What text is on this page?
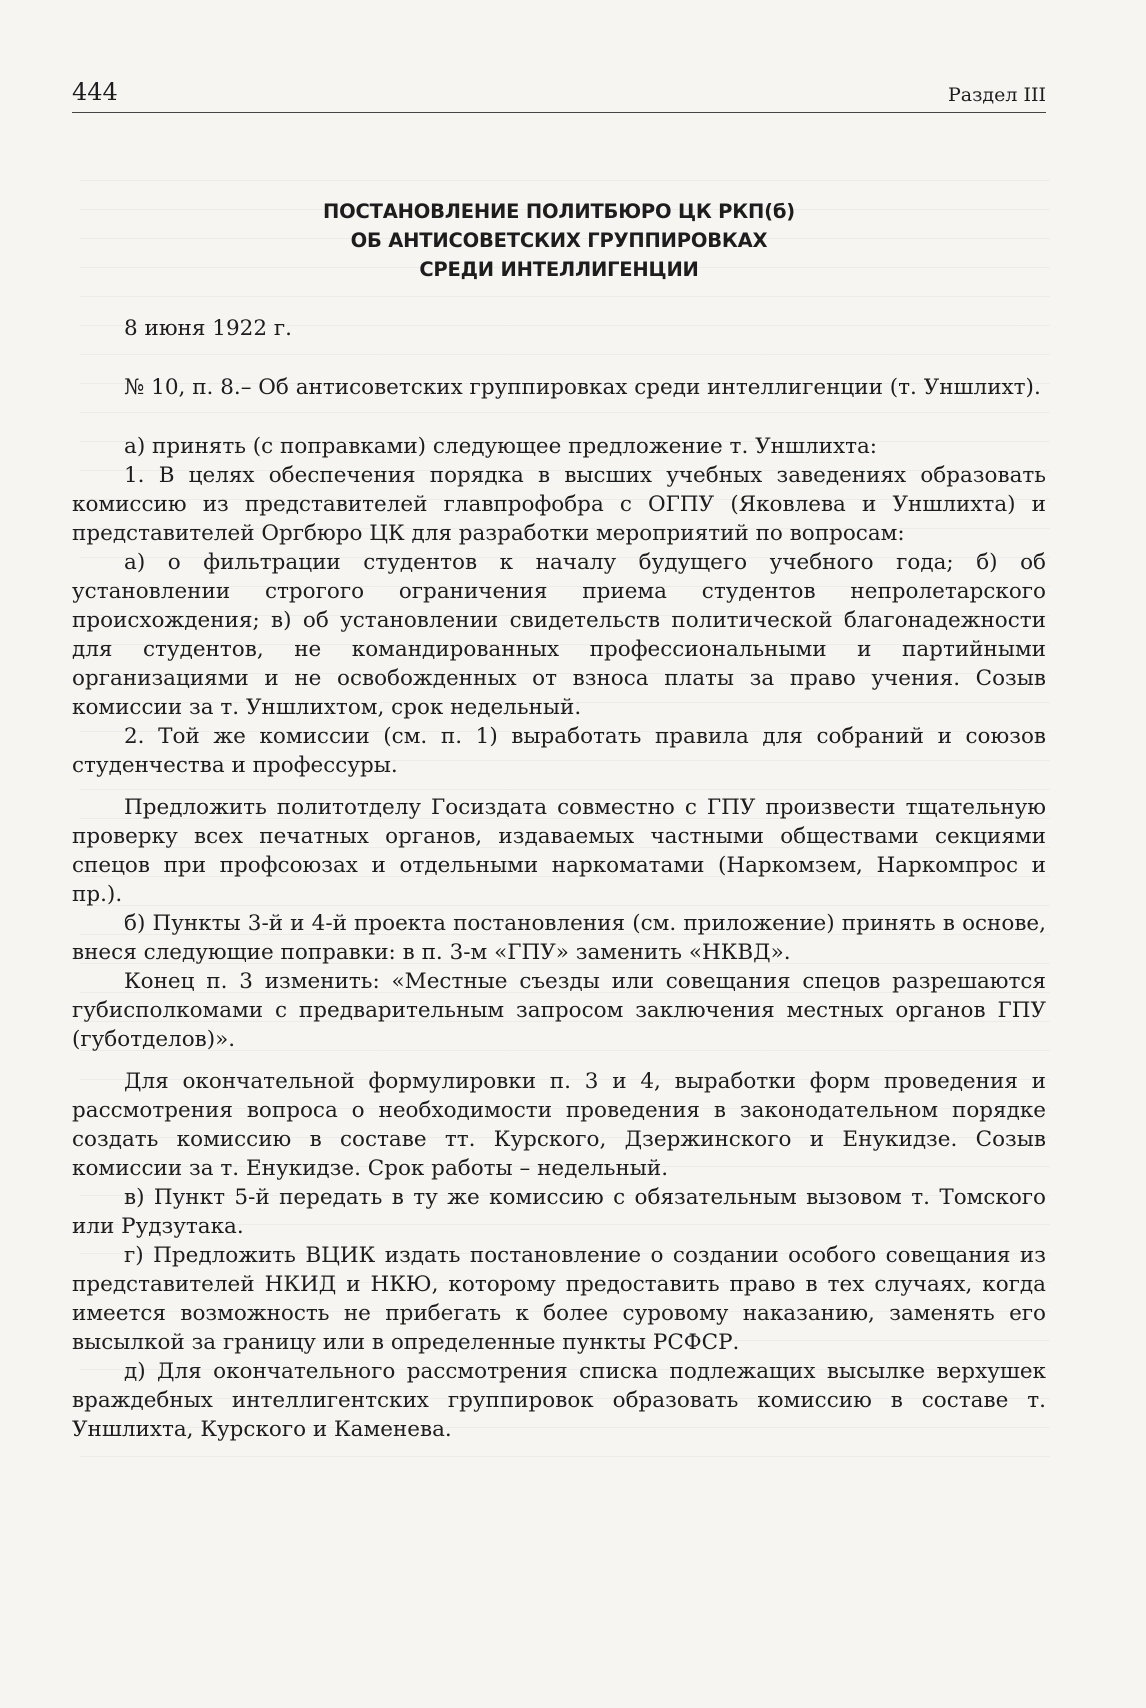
444	Раздел III
ПОСТАНОВЛЕНИЕ ПОЛИТБЮРО ЦК РКП(б)
ОБ АНТИСОВЕТСКИХ ГРУППИРОВКАХ
СРЕДИ ИНТЕЛЛИГЕНЦИИ

8 июня 1922 г.

№ 10, п. 8.– Об антисоветских группировках среди интеллигенции (т. Уншлихт).

а) принять (с поправками) следующее предложение т. Уншлихта:

1. В целях обеспечения порядка в высших учебных заведениях образовать комиссию из представителей главпрофобра с ОГПУ (Яковлева и Уншлихта) и представителей Оргбюро ЦК для разработки мероприятий по вопросам:

а) о фильтрации студентов к началу будущего учебного года; б) об установлении строгого ограничения приема студентов непролетарского происхождения; в) об установлении свидетельств политической благонадежности для студентов, не командированных профессиональными и партийными организациями и не освобожденных от взноса платы за право учения. Созыв комиссии за т. Уншлихтом, срок недельный.

2. Той же комиссии (см. п. 1) выработать правила для собраний и союзов студенчества и профессуры.

Предложить политотделу Госиздата совместно с ГПУ произвести тщательную проверку всех печатных органов, издаваемых частными обществами секциями спецов при профсоюзах и отдельными наркоматами (Наркомзем, Наркомпрос и пр.).

б) Пункты 3-й и 4-й проекта постановления (см. приложение) принять в основе, внеся следующие поправки: в п. 3-м «ГПУ» заменить «НКВД».

Конец п. 3 изменить: «Местные съезды или совещания спецов разрешаются губисполкомами с предварительным запросом заключения местных органов ГПУ (губотделов)».

Для окончательной формулировки п. 3 и 4, выработки форм проведения и рассмотрения вопроса о необходимости проведения в законодательном порядке создать комиссию в составе тт. Курского, Дзержинского и Енукидзе. Созыв комиссии за т. Енукидзе. Срок работы – недельный.

в) Пункт 5-й передать в ту же комиссию с обязательным вызовом т. Томского или Рудзутака.

г) Предложить ВЦИК издать постановление о создании особого совещания из представителей НКИД и НКЮ, которому предоставить право в тех случаях, когда имеется возможность не прибегать к более суровому наказанию, заменять его высылкой за границу или в определенные пункты РСФСР.

д) Для окончательного рассмотрения списка подлежащих высылке верхушек враждебных интеллигентских группировок образовать комиссию в составе т. Уншлихта, Курского и Каменева.
